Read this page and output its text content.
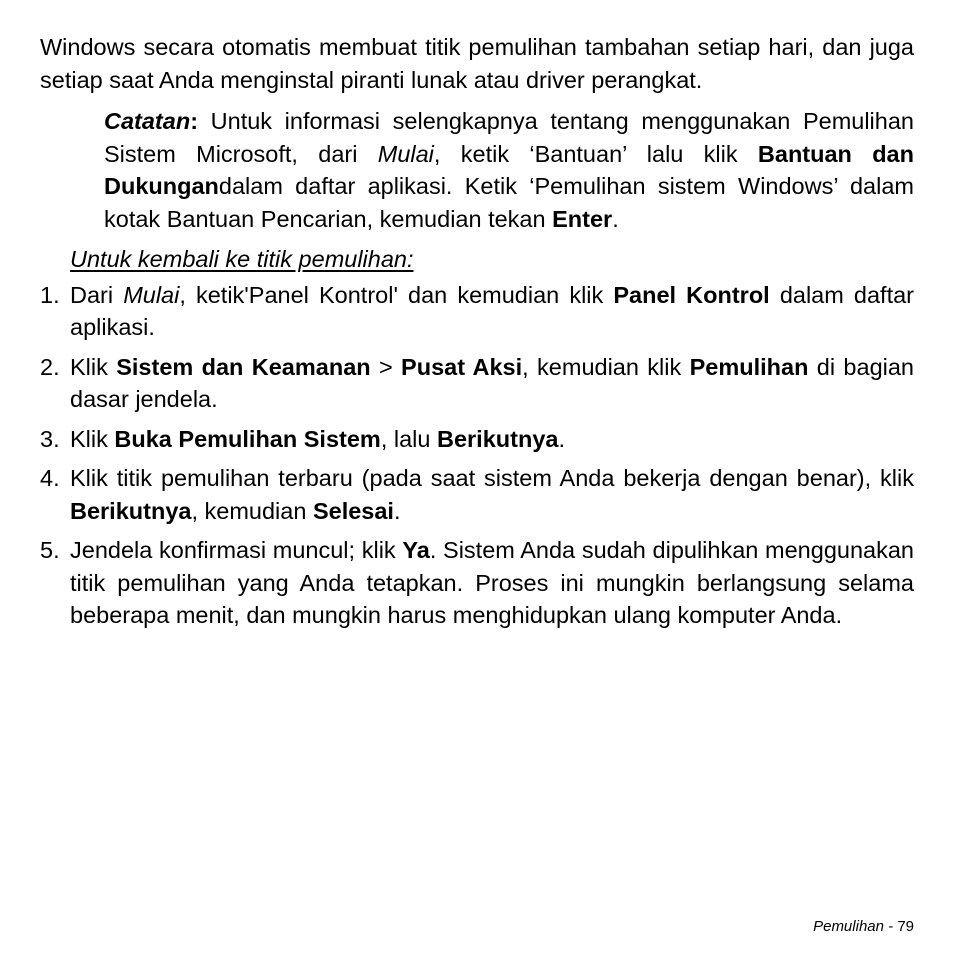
Windows secara otomatis membuat titik pemulihan tambahan setiap hari, dan juga setiap saat Anda menginstal piranti lunak atau driver perangkat.

Catatan: Untuk informasi selengkapnya tentang menggunakan Pemulihan Sistem Microsoft, dari Mulai, ketik ‘Bantuan’ lalu klik Bantuan dan Dukungandalam daftar aplikasi. Ketik ‘Pemulihan sistem Windows’ dalam kotak Bantuan Pencarian, kemudian tekan Enter.

Untuk kembali ke titik pemulihan:

1. Dari Mulai, ketik'Panel Kontrol' dan kemudian klik Panel Kontrol dalam daftar aplikasi.
2. Klik Sistem dan Keamanan > Pusat Aksi, kemudian klik Pemulihan di bagian dasar jendela.
3. Klik Buka Pemulihan Sistem, lalu Berikutnya.
4. Klik titik pemulihan terbaru (pada saat sistem Anda bekerja dengan benar), klik Berikutnya, kemudian Selesai.
5. Jendela konfirmasi muncul; klik Ya. Sistem Anda sudah dipulihkan menggunakan titik pemulihan yang Anda tetapkan. Proses ini mungkin berlangsung selama beberapa menit, dan mungkin harus menghidupkan ulang komputer Anda.
Pemulihan - 79
